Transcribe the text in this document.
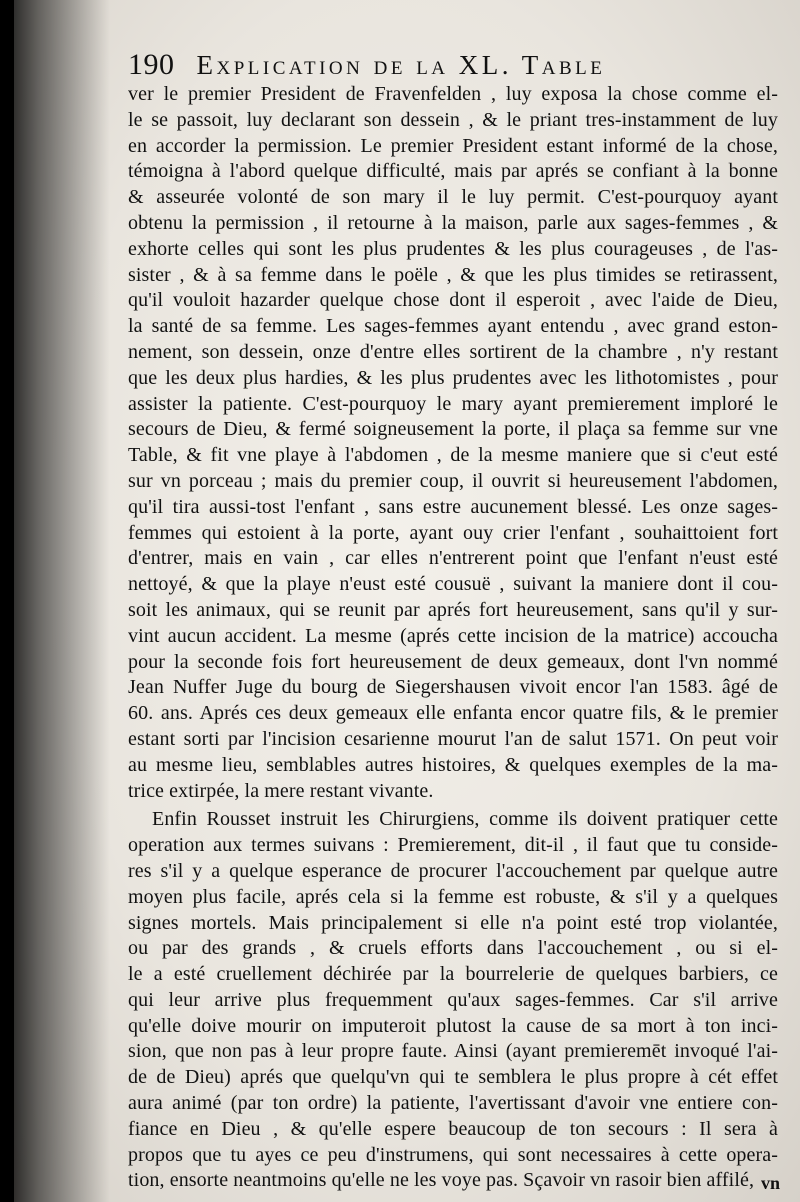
190 Explication de la XL. Table
ver le premier President de Fravenfelden , luy exposa la chose comme el-
le se passoit, luy declarant son dessein , & le priant tres-instamment de luy
en accorder la permission. Le premier President estant informé de la chose,
témoigna à l'abord quelque difficulté, mais par aprés se confiant à la bonne
& asseurée volonté de son mary il le luy permit. C'est-pourquoy ayant
obtenu la permission , il retourne à la maison, parle aux sages-femmes , &
exhorte celles qui sont les plus prudentes & les plus courageuses , de l'as-
sister , & à sa femme dans le poële , & que les plus timides se retirassent,
qu'il vouloit hazarder quelque chose dont il esperoit , avec l'aide de Dieu,
la santé de sa femme. Les sages-femmes ayant entendu , avec grand eston-
nement, son dessein, onze d'entre elles sortirent de la chambre , n'y restant
que les deux plus hardies, & les plus prudentes avec les lithotomistes , pour
assister la patiente. C'est-pourquoy le mary ayant premierement imploré le
secours de Dieu, & fermé soigneusement la porte, il plaça sa femme sur vne
Table, & fit vne playe à l'abdomen , de la mesme maniere que si c'eut esté
sur vn porceau ; mais du premier coup, il ouvrit si heureusement l'abdomen,
qu'il tira aussi-tost l'enfant , sans estre aucunement blessé. Les onze sages-
femmes qui estoient à la porte, ayant ouy crier l'enfant , souhaittoient fort
d'entrer, mais en vain , car elles n'entrerent point que l'enfant n'eust esté
nettoyé, & que la playe n'eust esté cousuë , suivant la maniere dont il cou-
soit les animaux, qui se reunit par aprés fort heureusement, sans qu'il y sur-
vint aucun accident. La mesme (aprés cette incision de la matrice) accoucha
pour la seconde fois fort heureusement de deux gemeaux, dont l'vn nommé
Jean Nuffer Juge du bourg de Siegershausen vivoit encor l'an 1583. âgé de
60. ans. Aprés ces deux gemeaux elle enfanta encor quatre fils, & le premier
estant sorti par l'incision cesarienne mourut l'an de salut 1571. On peut voir
au mesme lieu, semblables autres histoires, & quelques exemples de la ma-
trice extirpée, la mere restant vivante.
Enfin Rousset instruit les Chirurgiens, comme ils doivent pratiquer cette
operation aux termes suivans : Premierement, dit-il , il faut que tu conside-
res s'il y a quelque esperance de procurer l'accouchement par quelque autre
moyen plus facile, aprés cela si la femme est robuste, & s'il y a quelques
signes mortels. Mais principalement si elle n'a point esté trop violantée,
ou par des grands , & cruels efforts dans l'accouchement , ou si el-
le a esté cruellement déchirée par la bourrelerie de quelques barbiers, ce
qui leur arrive plus frequemment qu'aux sages-femmes. Car s'il arrive
qu'elle doive mourir on imputeroit plutost la cause de sa mort à ton inci-
sion, que non pas à leur propre faute. Ainsi (ayant premieremēt invoqué l'ai-
de de Dieu) aprés que quelqu'vn qui te semblera le plus propre à cét effet
aura animé (par ton ordre) la patiente, l'avertissant d'avoir vne entiere con-
fiance en Dieu , & qu'elle espere beaucoup de ton secours : Il sera à
propos que tu ayes ce peu d'instrumens, qui sont necessaires à cette opera-
tion, ensorte neantmoins qu'elle ne les voye pas. Sçavoir vn rasoir bien affilé, vn
